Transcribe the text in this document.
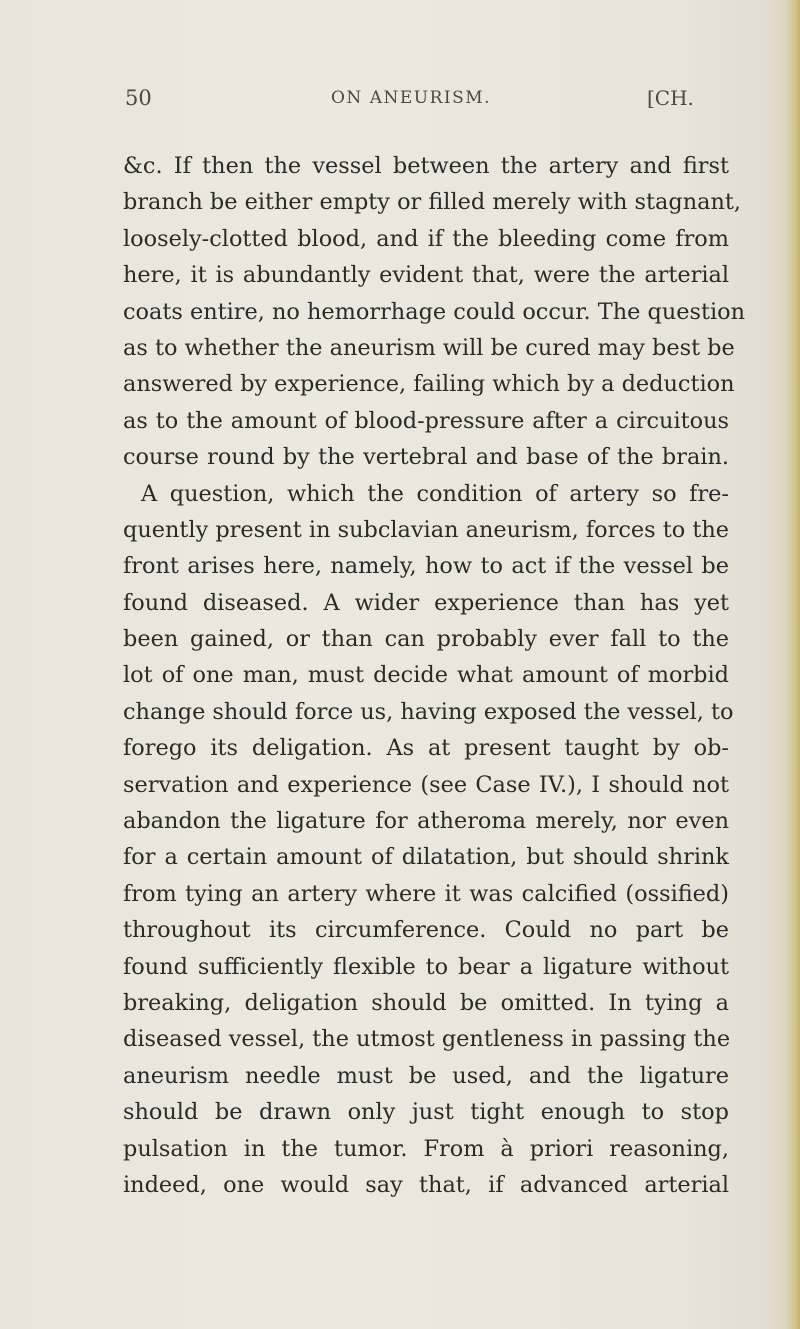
50	ON ANEURISM.	[CH.
&c. If then the vessel between the artery and first
branch be either empty or filled merely with stagnant,
loosely-clotted blood, and if the bleeding come from
here, it is abundantly evident that, were the arterial
coats entire, no hemorrhage could occur. The question
as to whether the aneurism will be cured may best be
answered by experience, failing which by a deduction
as to the amount of blood-pressure after a circuitous
course round by the vertebral and base of the brain.
A question, which the condition of artery so fre-
quently present in subclavian aneurism, forces to the
front arises here, namely, how to act if the vessel be
found diseased. A wider experience than has yet
been gained, or than can probably ever fall to the
lot of one man, must decide what amount of morbid
change should force us, having exposed the vessel, to
forego its deligation. As at present taught by ob-
servation and experience (see Case IV.), I should not
abandon the ligature for atheroma merely, nor even
for a certain amount of dilatation, but should shrink
from tying an artery where it was calcified (ossified)
throughout its circumference. Could no part be
found sufficiently flexible to bear a ligature without
breaking, deligation should be omitted. In tying a
diseased vessel, the utmost gentleness in passing the
aneurism needle must be used, and the ligature
should be drawn only just tight enough to stop
pulsation in the tumor. From à priori reasoning,
indeed, one would say that, if advanced arterial
